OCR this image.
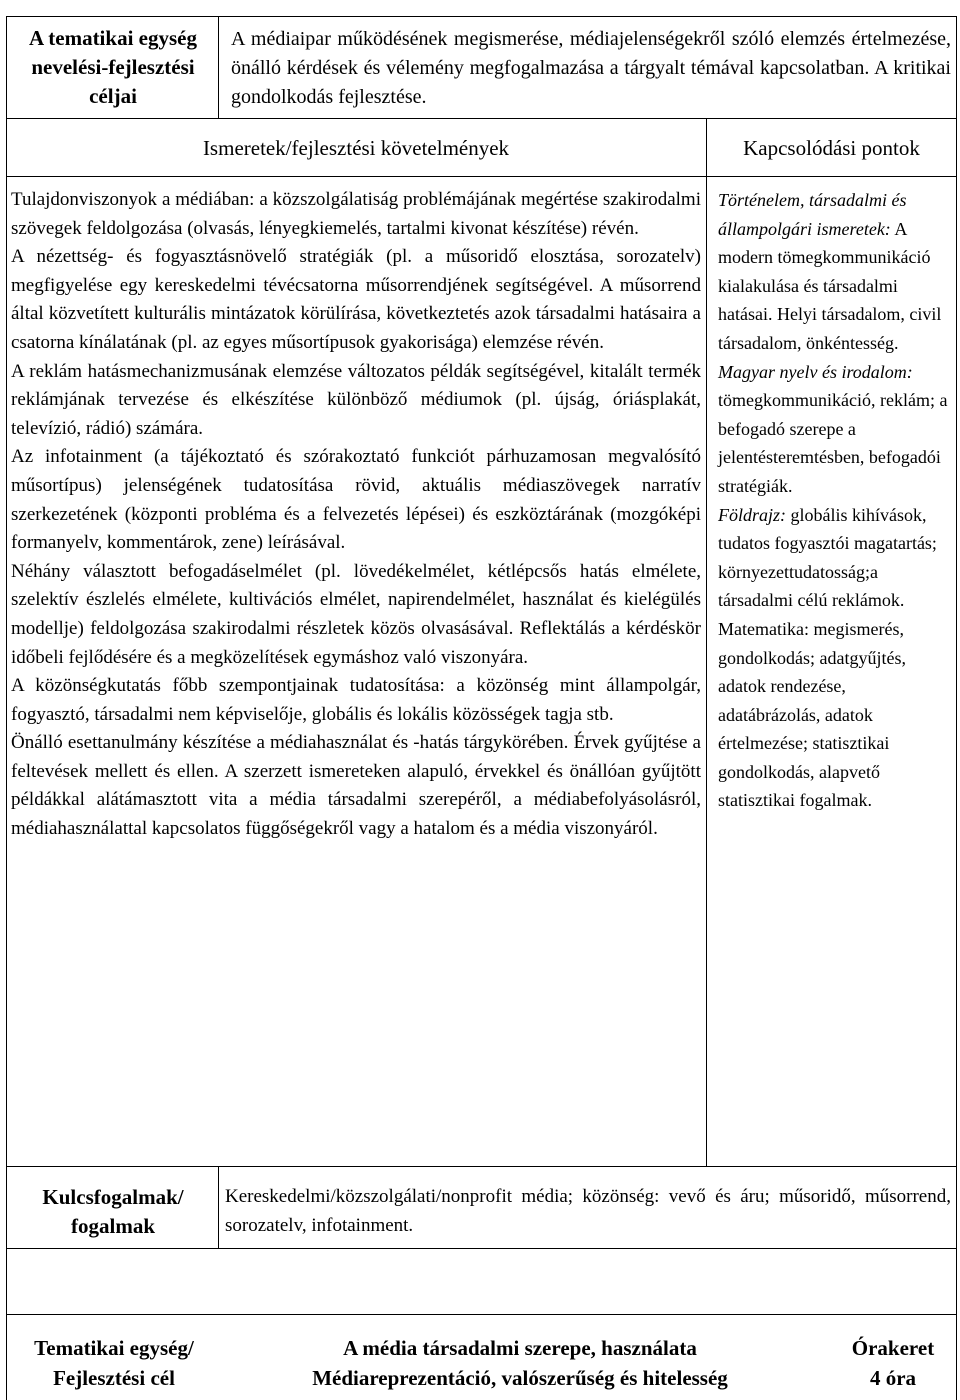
A tematikai egység nevelési-fejlesztési céljai
A médiaipar működésének megismerése, médiajelenségekről szóló elemzés értelmezése, önálló kérdések és vélemény megfogalmazása a tárgyalt témával kapcsolatban. A kritikai gondolkodás fejlesztése.
Ismeretek/fejlesztési követelmények	Kapcsolódási pontok

Tulajdonviszonyok a médiában: a közszolgálatiság problémájának megértése szakirodalmi szövegek feldolgozása (olvasás, lényegkiemelés, tartalmi kivonat készítése) révén.

A nézettség- és fogyasztásnövelő stratégiák (pl. a műsoridő elosztása, sorozatelv) megfigyelése egy kereskedelmi tévécsatorna műsorrendjének segítségével. A műsorrend által közvetített kulturális mintázatok körülírása, következtetés azok társadalmi hatásaira a csatorna kínálatának (pl. az egyes műsortípusok gyakorisága) elemzése révén.

A reklám hatásmechanizmusának elemzése változatos példák segítségével, kitalált termék reklámjának tervezése és elkészítése különböző médiumok (pl. újság, óriásplakát, televízió, rádió) számára.

Az infotainment (a tájékoztató és szórakoztató funkciót párhuzamosan megvalósító műsortípus) jelenségének tudatosítása rövid, aktuális médiaszövegek narratív szerkezetének (központi probléma és a felvezetés lépései) és eszköztárának (mozgóképi formanyelv, kommentárok, zene) leírásával.

Néhány választott befogadáselmélet (pl. lövedékelmélet, kétlépcsős hatás elmélete, szelektív észlelés elmélete, kultivációs elmélet, napirendelmélet, használat és kielégülés modellje) feldolgozása szakirodalmi részletek közös olvasásával. Reflektálás a kérdéskör időbeli fejlődésére és a megközelítések egymáshoz való viszonyára.

A közönségkutatás főbb szempontjainak tudatosítása: a közönség mint állampolgár, fogyasztó, társadalmi nem képviselője, globális és lokális közösségek tagja stb.

Önálló esettanulmány készítése a médiahasználat és -hatás tárgykörében. Érvek gyűjtése a feltevések mellett és ellen. A szerzett ismereteken alapuló, érvekkel és önállóan gyűjtött példákkal alátámasztott vita a média társadalmi szerepéről, a médiabefolyásolásról, médiahasználattal kapcsolatos függőségekről vagy a hatalom és a média viszonyáról.

Történelem, társadalmi és állampolgári ismeretek: A modern tömegkommunikáció kialakulása és társadalmi hatásai. Helyi társadalom, civil társadalom, önkéntesség.

Magyar nyelv és irodalom: tömegkommunikáció, reklám; a befogadó szerepe a jelentésteremtésben, befogadói stratégiák.

Földrajz: globális kihívások, tudatos fogyasztói magatartás; környezettudatosság;a társadalmi célú reklámok.

Matematika: megismerés, gondolkodás; adatgyűjtés, adatok rendezése, adatábrázolás, adatok értelmezése; statisztikai gondolkodás, alapvető statisztikai fogalmak.

Kulcsfogalmak/ fogalmak
Kereskedelmi/közszolgálati/nonprofit média; közönség: vevő és áru; műsoridő, műsorrend, sorozatelv, infotainment.
Tematikai egység/ Fejlesztési cél
A média társadalmi szerepe, használata
Médiareprezentáció, valószerűség és hitelesség
Órakeret
4 óra
